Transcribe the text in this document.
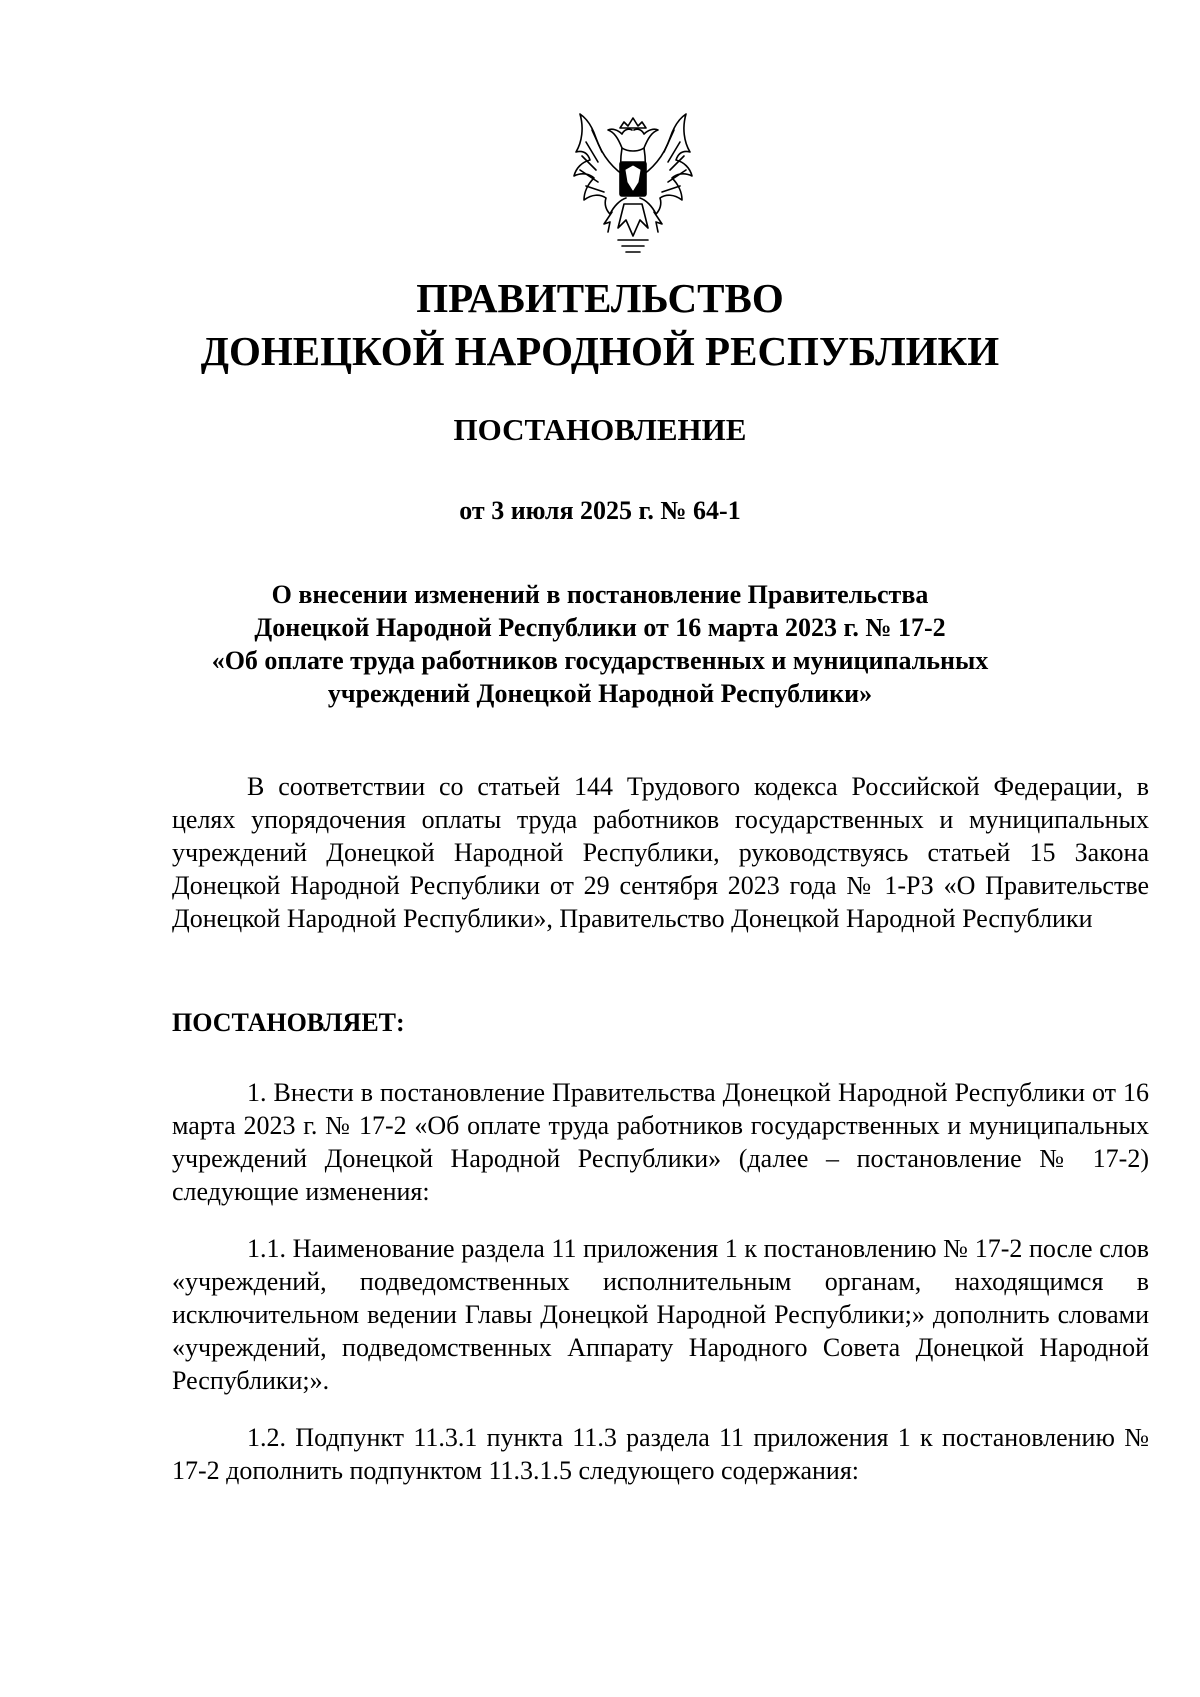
ПРАВИТЕЛЬСТВО
ДОНЕЦКОЙ НАРОДНОЙ РЕСПУБЛИКИ
ПОСТАНОВЛЕНИЕ

от 3 июля 2025 г. № 64-1

О внесении изменений в постановление Правительства
Донецкой Народной Республики от 16 марта 2023 г. № 17-2
«Об оплате труда работников государственных и муниципальных
учреждений Донецкой Народной Республики»

В соответствии со статьей 144 Трудового кодекса Российской Федерации, в целях упорядочения оплаты труда работников государственных и муниципальных учреждений Донецкой Народной Республики, руководствуясь статьей 15 Закона Донецкой Народной Республики от 29 сентября 2023 года № 1-РЗ «О Правительстве Донецкой Народной Республики», Правительство Донецкой Народной Республики

ПОСТАНОВЛЯЕТ:

1. Внести в постановление Правительства Донецкой Народной Республики от 16 марта 2023 г. № 17-2 «Об оплате труда работников государственных и муниципальных учреждений Донецкой Народной Республики» (далее – постановление № 17-2) следующие изменения:

1.1. Наименование раздела 11 приложения 1 к постановлению № 17-2 после слов «учреждений, подведомственных исполнительным органам, находящимся в исключительном ведении Главы Донецкой Народной Республики;» дополнить словами «учреждений, подведомственных Аппарату Народного Совета Донецкой Народной Республики;».

1.2. Подпункт 11.3.1 пункта 11.3 раздела 11 приложения 1 к постановлению № 17-2 дополнить подпунктом 11.3.1.5 следующего содержания:
